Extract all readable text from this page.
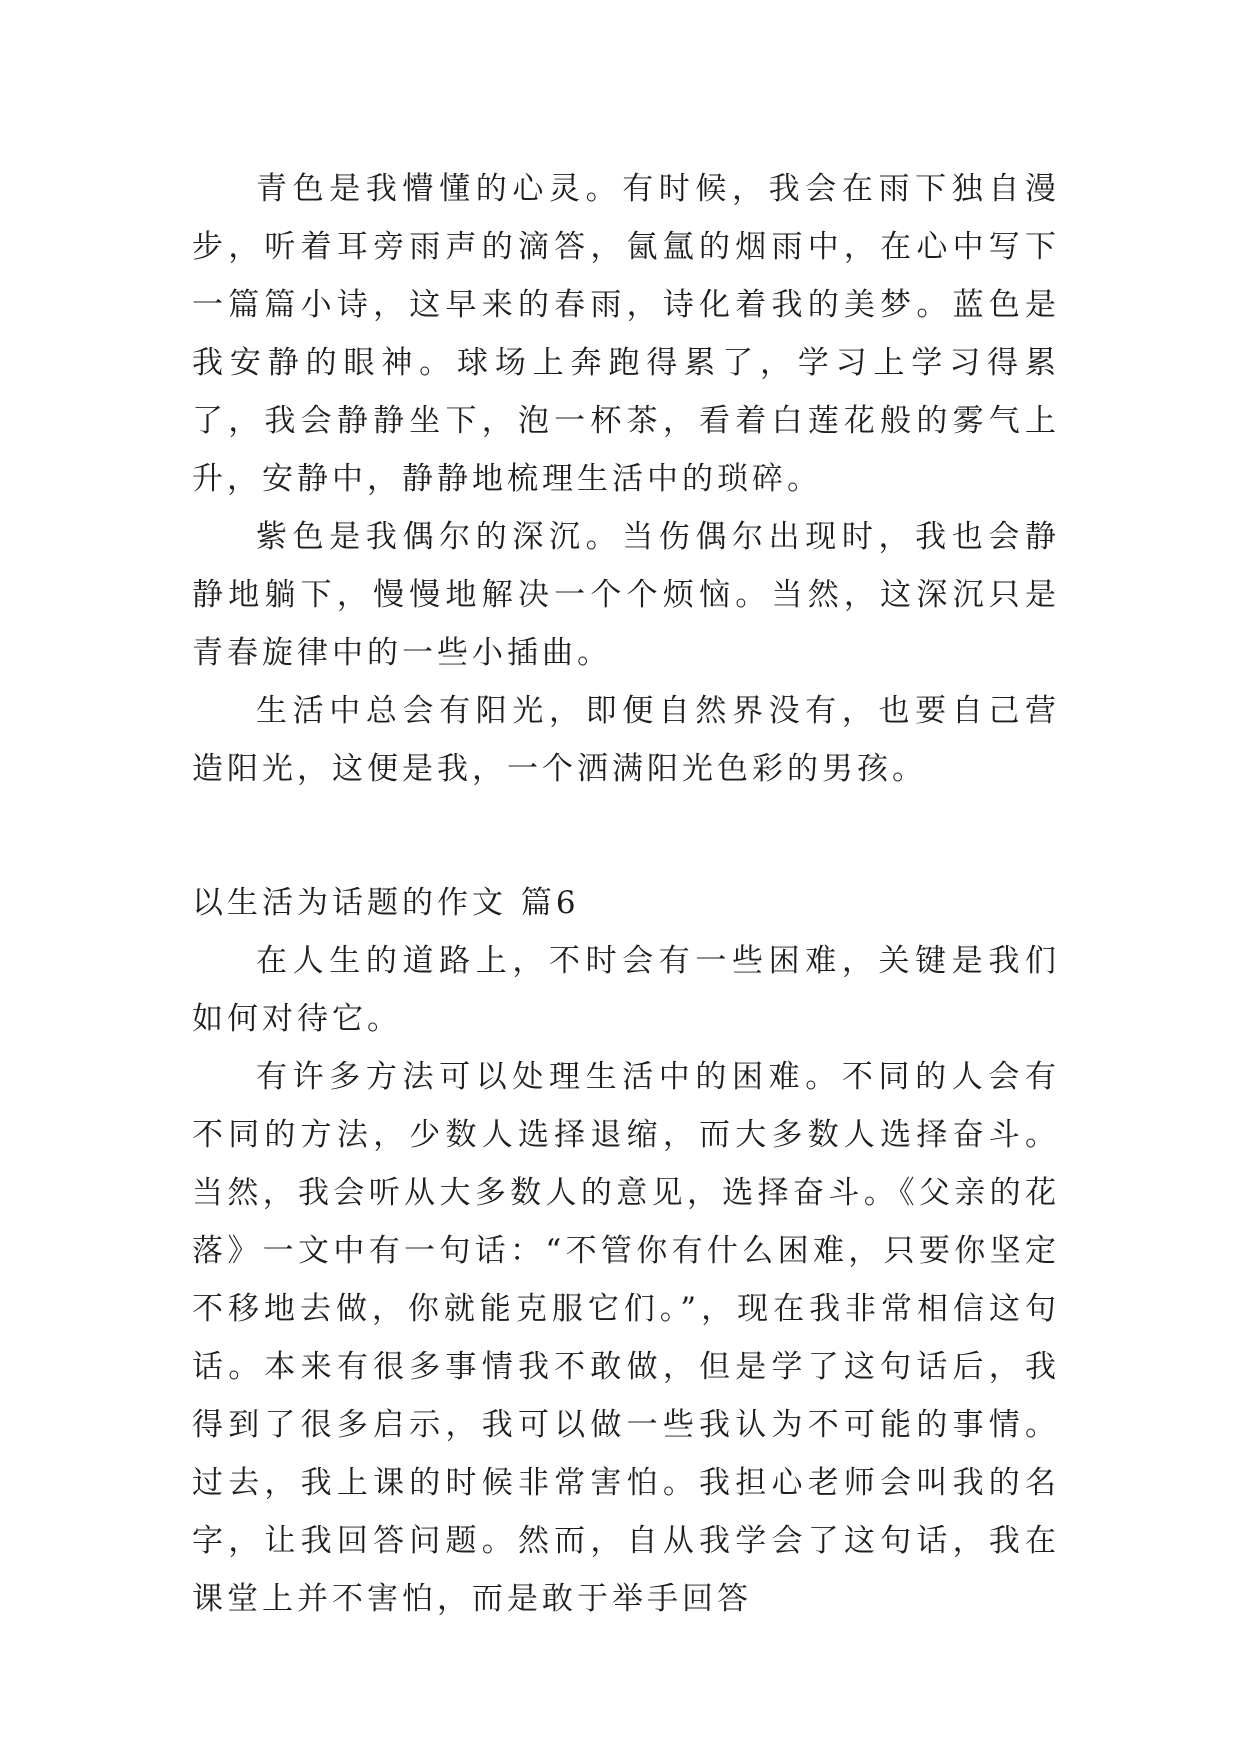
青色是我懵懂的心灵。有时候，我会在雨下独自漫步，听着耳旁雨声的滴答，氤氲的烟雨中，在心中写下一篇篇小诗，这早来的春雨，诗化着我的美梦。蓝色是我安静的眼神。球场上奔跑得累了，学习上学习得累了，我会静静坐下，泡一杯茶，看着白莲花般的雾气上升，安静中，静静地梳理生活中的琐碎。

紫色是我偶尔的深沉。当伤偶尔出现时，我也会静静地躺下，慢慢地解决一个个烦恼。当然，这深沉只是青春旋律中的一些小插曲。

生活中总会有阳光，即便自然界没有，也要自己营造阳光，这便是我，一个洒满阳光色彩的男孩。

以生活为话题的作文 篇6

在人生的道路上，不时会有一些困难，关键是我们如何对待它。

有许多方法可以处理生活中的困难。不同的人会有不同的方法，少数人选择退缩，而大多数人选择奋斗。当然，我会听从大多数人的意见，选择奋斗。《父亲的花落》一文中有一句话：“不管你有什么困难，只要你坚定不移地去做，你就能克服它们。”，现在我非常相信这句话。本来有很多事情我不敢做，但是学了这句话后，我得到了很多启示，我可以做一些我认为不可能的事情。过去，我上课的时候非常害怕。我担心老师会叫我的名字，让我回答问题。然而，自从我学会了这句话，我在课堂上并不害怕，而是敢于举手回答
